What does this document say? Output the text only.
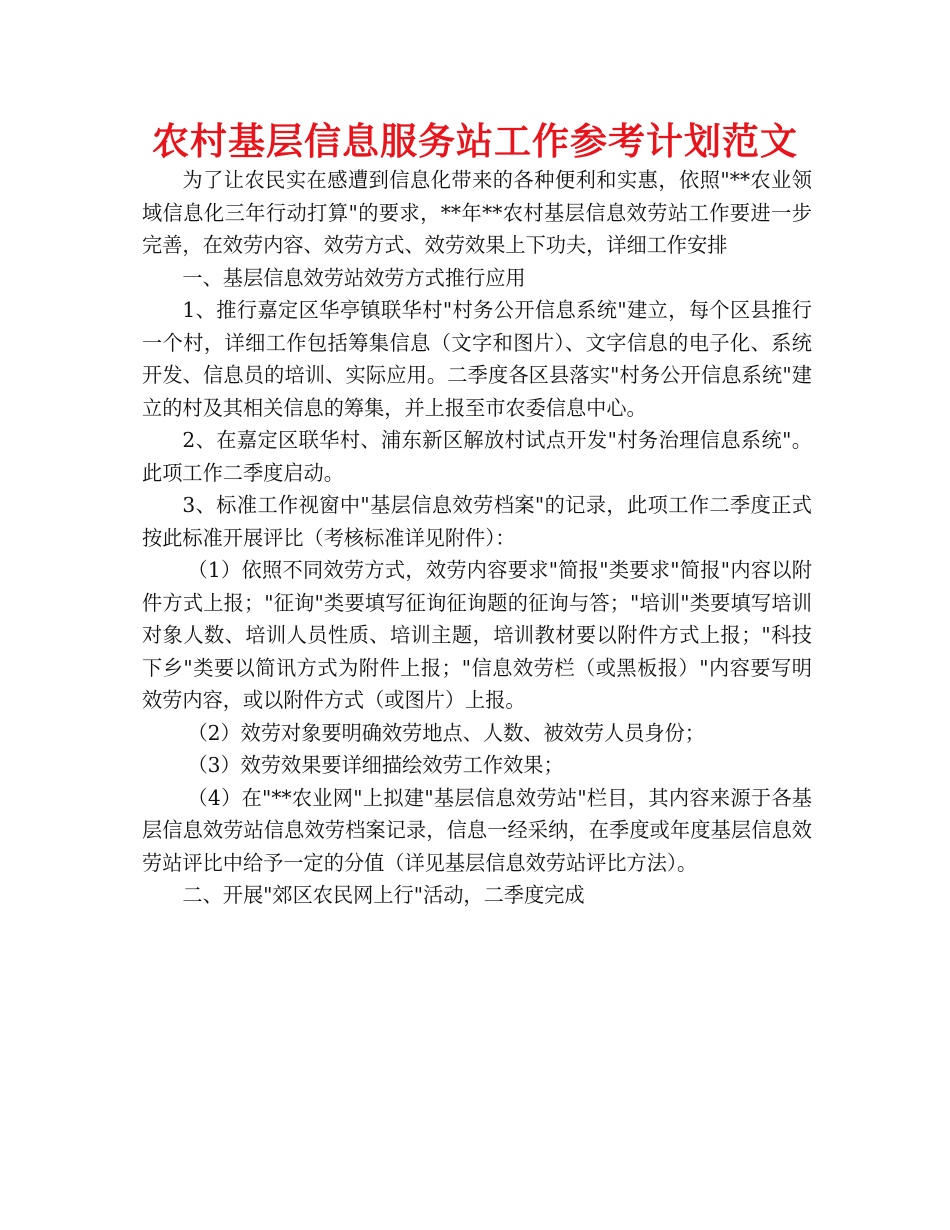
农村基层信息服务站工作参考计划范文

为了让农民实在感遭到信息化带来的各种便利和实惠，依照"**农业领域信息化三年行动打算"的要求，**年**农村基层信息效劳站工作要进一步完善，在效劳内容、效劳方式、效劳效果上下功夫，详细工作安排

一、基层信息效劳站效劳方式推行应用

1、推行嘉定区华亭镇联华村"村务公开信息系统"建立，每个区县推行一个村，详细工作包括筹集信息（文字和图片）、文字信息的电子化、系统开发、信息员的培训、实际应用。二季度各区县落实"村务公开信息系统"建立的村及其相关信息的筹集，并上报至市农委信息中心。

2、在嘉定区联华村、浦东新区解放村试点开发"村务治理信息系统"。此项工作二季度启动。

3、标准工作视窗中"基层信息效劳档案"的记录，此项工作二季度正式按此标准开展评比（考核标准详见附件）：

（1）依照不同效劳方式，效劳内容要求"简报"类要求"简报"内容以附件方式上报；"征询"类要填写征询征询题的征询与答；"培训"类要填写培训对象人数、培训人员性质、培训主题，培训教材要以附件方式上报；"科技下乡"类要以简讯方式为附件上报；"信息效劳栏（或黑板报）"内容要写明效劳内容，或以附件方式（或图片）上报。

（2）效劳对象要明确效劳地点、人数、被效劳人员身份；

（3）效劳效果要详细描绘效劳工作效果；

（4）在"**农业网"上拟建"基层信息效劳站"栏目，其内容来源于各基层信息效劳站信息效劳档案记录，信息一经采纳，在季度或年度基层信息效劳站评比中给予一定的分值（详见基层信息效劳站评比方法）。

二、开展"郊区农民网上行"活动，二季度完成
